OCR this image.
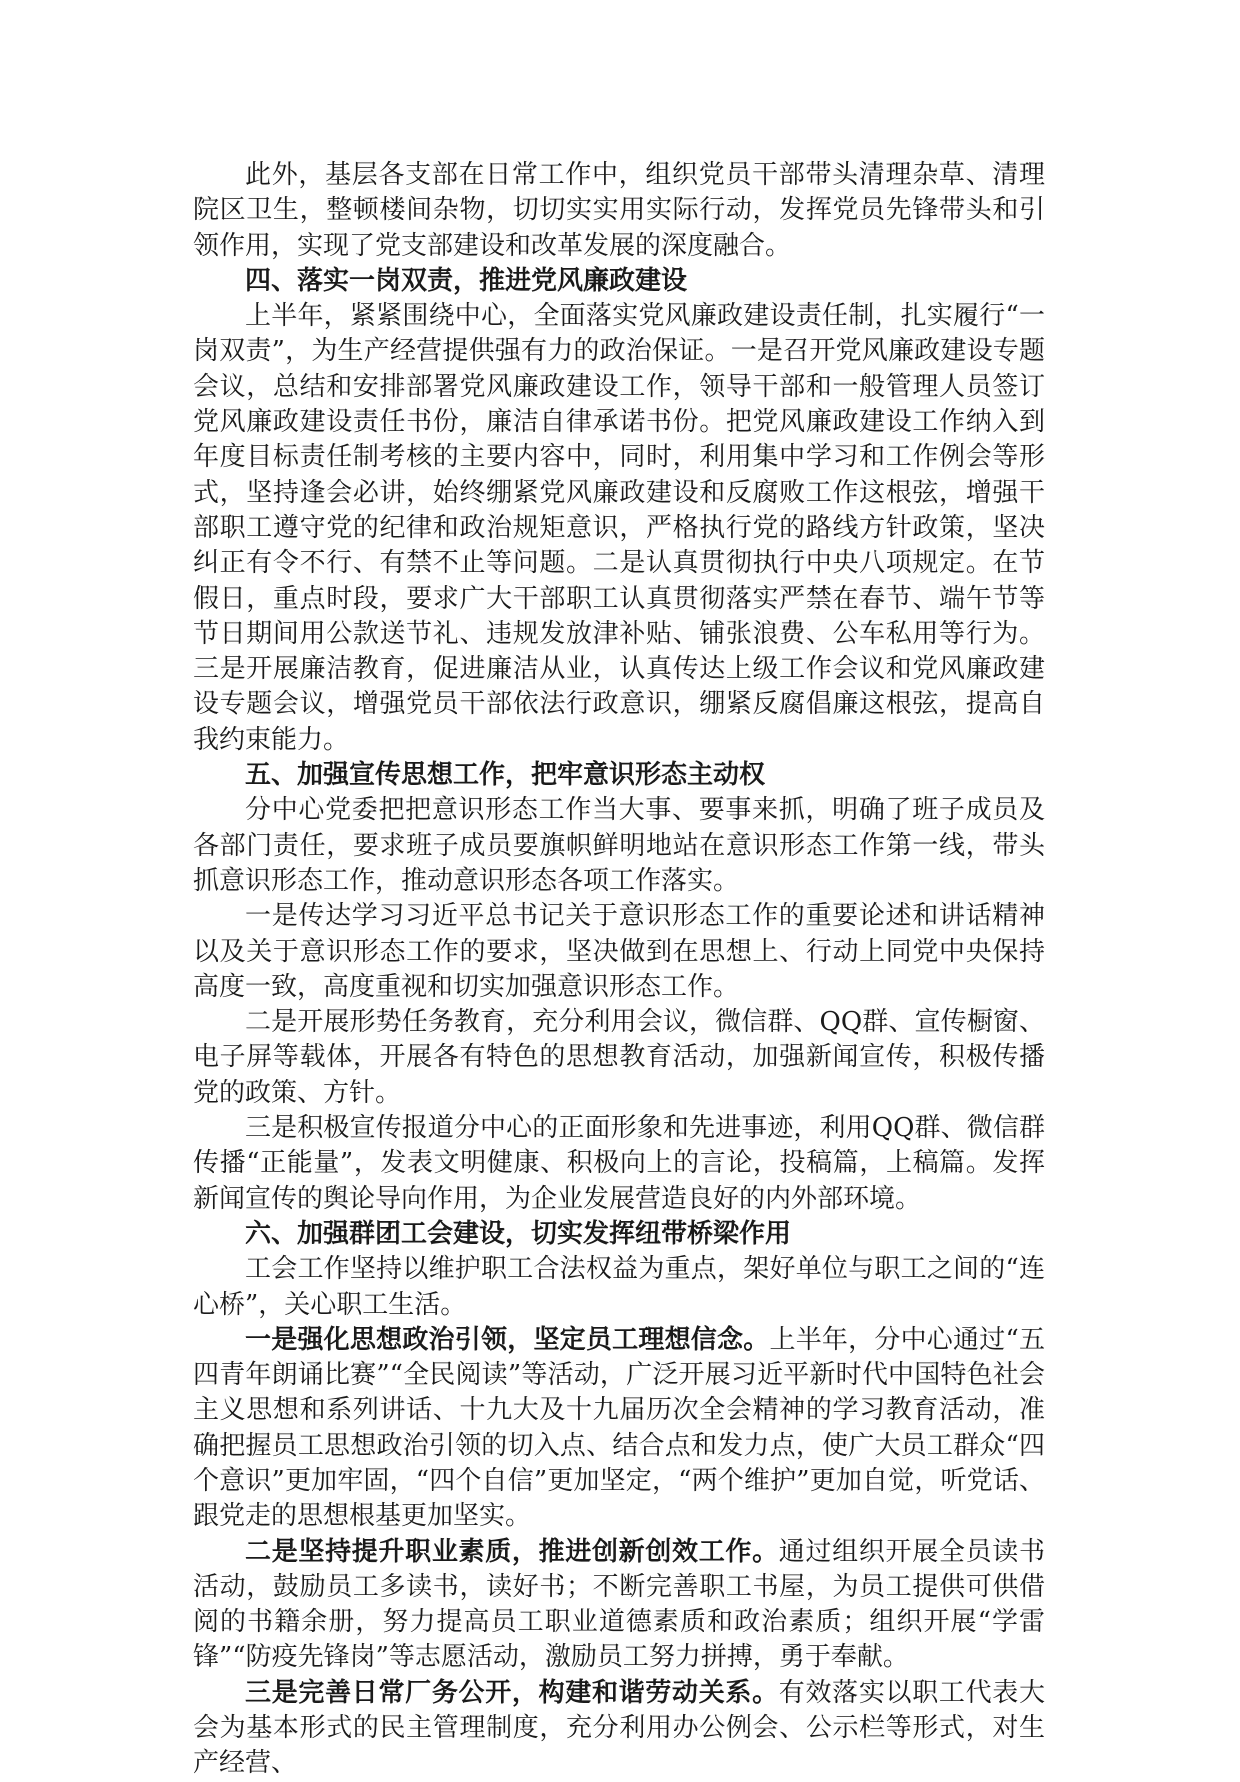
此外，基层各支部在日常工作中，组织党员干部带头清理杂草、清理院区卫生，整顿楼间杂物，切切实实用实际行动，发挥党员先锋带头和引领作用，实现了党支部建设和改革发展的深度融合。

四、落实一岗双责，推进党风廉政建设

上半年，紧紧围绕中心，全面落实党风廉政建设责任制，扎实履行“一岗双责”，为生产经营提供强有力的政治保证。一是召开党风廉政建设专题会议，总结和安排部署党风廉政建设工作，领导干部和一般管理人员签订党风廉政建设责任书份，廉洁自律承诺书份。把党风廉政建设工作纳入到年度目标责任制考核的主要内容中，同时，利用集中学习和工作例会等形式，坚持逢会必讲，始终绷紧党风廉政建设和反腐败工作这根弦，增强干部职工遵守党的纪律和政治规矩意识，严格执行党的路线方针政策，坚决纠正有令不行、有禁不止等问题。二是认真贯彻执行中央八项规定。在节假日，重点时段，要求广大干部职工认真贯彻落实严禁在春节、端午节等节日期间用公款送节礼、违规发放津补贴、铺张浪费、公车私用等行为。三是开展廉洁教育，促进廉洁从业，认真传达上级工作会议和党风廉政建设专题会议，增强党员干部依法行政意识，绷紧反腐倡廉这根弦，提高自我约束能力。

五、加强宣传思想工作，把牢意识形态主动权

分中心党委把把意识形态工作当大事、要事来抓，明确了班子成员及各部门责任，要求班子成员要旗帜鲜明地站在意识形态工作第一线，带头抓意识形态工作，推动意识形态各项工作落实。

一是传达学习习近平总书记关于意识形态工作的重要论述和讲话精神以及关于意识形态工作的要求，坚决做到在思想上、行动上同党中央保持高度一致，高度重视和切实加强意识形态工作。

二是开展形势任务教育，充分利用会议，微信群、QQ群、宣传橱窗、电子屏等载体，开展各有特色的思想教育活动，加强新闻宣传，积极传播党的政策、方针。

三是积极宣传报道分中心的正面形象和先进事迹，利用QQ群、微信群传播“正能量”，发表文明健康、积极向上的言论，投稿篇，上稿篇。发挥新闻宣传的舆论导向作用，为企业发展营造良好的内外部环境。

六、加强群团工会建设，切实发挥纽带桥梁作用

工会工作坚持以维护职工合法权益为重点，架好单位与职工之间的“连心桥”，关心职工生活。

一是强化思想政治引领，坚定员工理想信念。上半年，分中心通过“五四青年朗诵比赛”“全民阅读”等活动，广泛开展习近平新时代中国特色社会主义思想和系列讲话、十九大及十九届历次全会精神的学习教育活动，准确把握员工思想政治引领的切入点、结合点和发力点，使广大员工群众“四个意识”更加牢固，“四个自信”更加坚定，“两个维护”更加自觉，听党话、跟党走的思想根基更加坚实。

二是坚持提升职业素质，推进创新创效工作。通过组织开展全员读书活动，鼓励员工多读书，读好书；不断完善职工书屋，为员工提供可供借阅的书籍余册，努力提高员工职业道德素质和政治素质；组织开展“学雷锋”“防疫先锋岗”等志愿活动，激励员工努力拼搏，勇于奉献。

三是完善日常厂务公开，构建和谐劳动关系。有效落实以职工代表大会为基本形式的民主管理制度，充分利用办公例会、公示栏等形式，对生产经营、
